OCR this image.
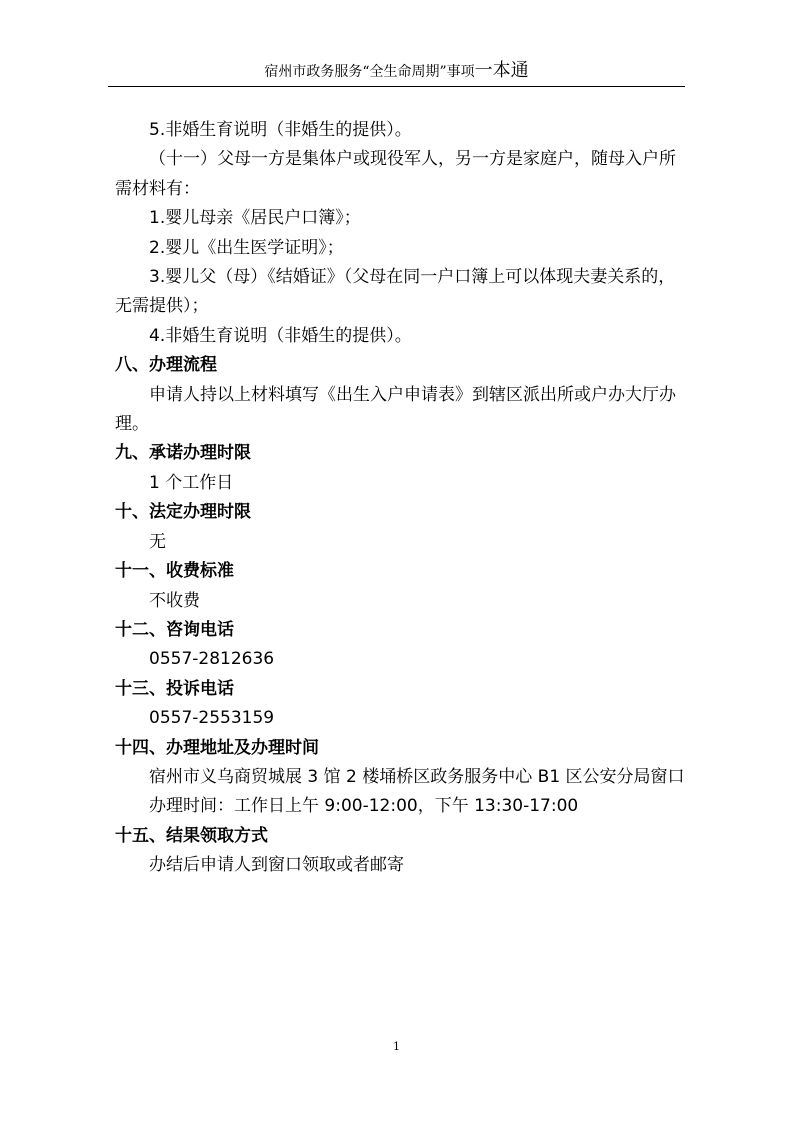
宿州市政务服务“全生命周期”事项一本通
5.非婚生育说明（非婚生的提供）。
（十一）父母一方是集体户或现役军人，另一方是家庭户，随母入户所需材料有：
1.婴儿母亲《居民户口簿》；
2.婴儿《出生医学证明》；
3.婴儿父（母）《结婚证》（父母在同一户口簿上可以体现夫妻关系的，无需提供）；
4.非婚生育说明（非婚生的提供）。
八、办理流程
申请人持以上材料填写《出生入户申请表》到辖区派出所或户办大厅办理。
九、承诺办理时限
1 个工作日
十、法定办理时限
无
十一、收费标准
不收费
十二、咨询电话
0557-2812636
十三、投诉电话
0557-2553159
十四、办理地址及办理时间
宿州市义乌商贸城展 3 馆 2 楼埇桥区政务服务中心 B1 区公安分局窗口
办理时间：工作日上午 9:00-12:00，下午 13:30-17:00
十五、结果领取方式
办结后申请人到窗口领取或者邮寄
1
